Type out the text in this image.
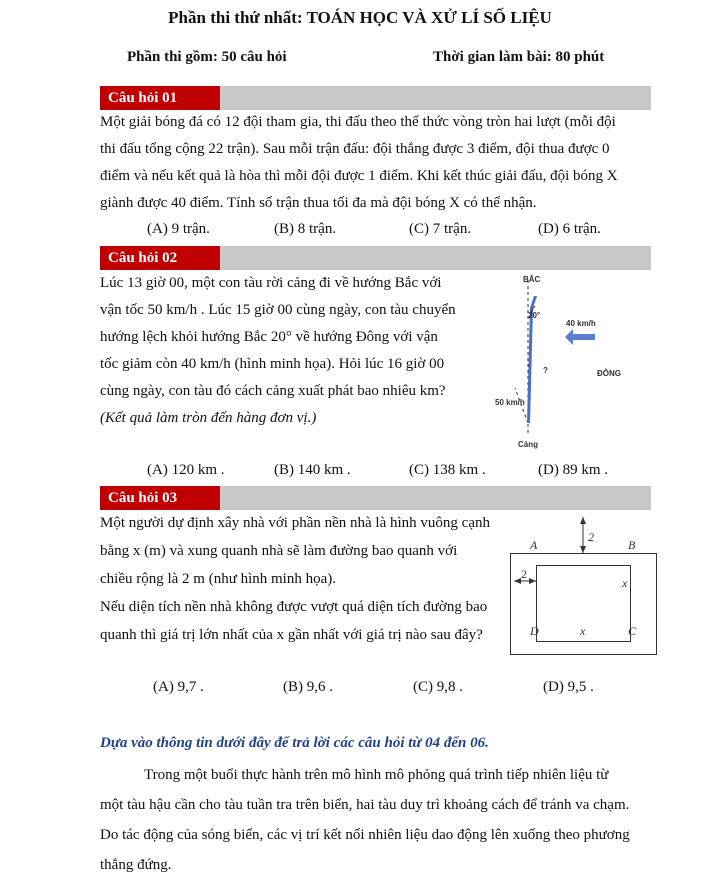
Phần thi thứ nhất: TOÁN HỌC VÀ XỬ LÍ SỐ LIỆU
Phần thi gồm: 50 câu hỏi	Thời gian làm bài: 80 phút
Câu hỏi 01
Một giải bóng đá có 12 đội tham gia, thi đấu theo thể thức vòng tròn hai lượt (mỗi đội
thi đấu tổng cộng 22 trận). Sau mỗi trận đấu: đội thắng được 3 điểm, đội thua được 0
điểm và nếu kết quả là hòa thì mỗi đội được 1 điểm. Khi kết thúc giải đấu, đội bóng X
giành được 40 điểm. Tính số trận thua tối đa mà đội bóng X có thể nhận.
(A) 9 trận.	(B) 8 trận.	(C) 7 trận.	(D) 6 trận.
Câu hỏi 02
Lúc 13 giờ 00, một con tàu rời cảng đi về hướng Bắc với
vận tốc 50 km/h . Lúc 15 giờ 00 cùng ngày, con tàu chuyển
hướng lệch khỏi hướng Bắc 20° về hướng Đông với vận
tốc giảm còn 40 km/h (hình minh họa). Hỏi lúc 16 giờ 00
cùng ngày, con tàu đó cách cảng xuất phát bao nhiêu km?
(Kết quả làm tròn đến hàng đơn vị.)
BẮC
20°
40 km/h
?	ĐÔNG
50 km/h
Cảng
(A) 120 km .	(B) 140 km .	(C) 138 km .	(D) 89 km .
Câu hỏi 03
Một người dự định xây nhà với phần nền nhà là hình vuông cạnh
bằng x (m) và xung quanh nhà sẽ làm đường bao quanh với
chiều rộng là 2 m (như hình minh họa).
Nếu diện tích nền nhà không được vượt quá diện tích đường bao
quanh thì giá trị lớn nhất của x gần nhất với giá trị nào sau đây?
2
2
A	B
D	C
x
x
(A) 9,7 .	(B) 9,6 .	(C) 9,8 .	(D) 9,5 .
Dựa vào thông tin dưới đây để trả lời các câu hỏi từ 04 đến 06.
Trong một buổi thực hành trên mô hình mô phỏng quá trình tiếp nhiên liệu từ
một tàu hậu cần cho tàu tuần tra trên biển, hai tàu duy trì khoảng cách để tránh va chạm.
Do tác động của sóng biển, các vị trí kết nối nhiên liệu dao động lên xuống theo phương
thẳng đứng.
